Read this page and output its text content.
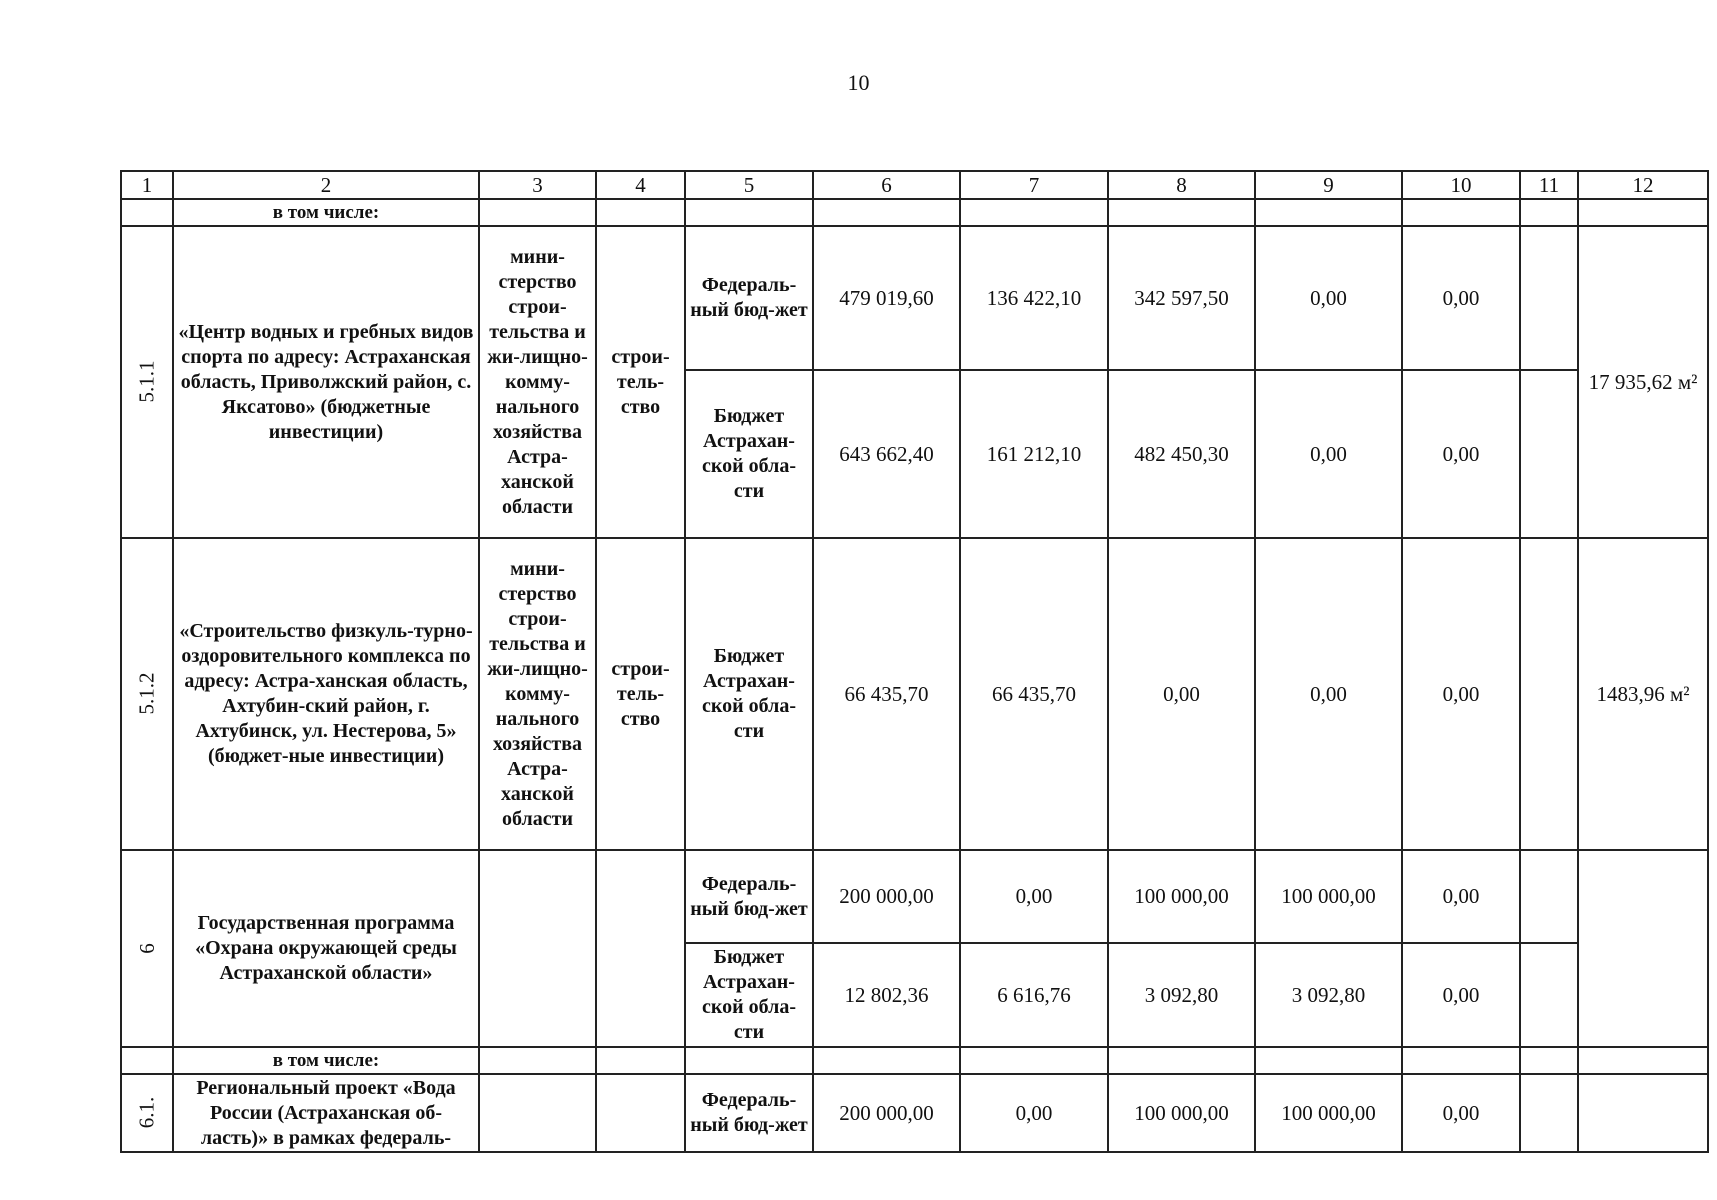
10
1	2	3	4	5	6	7	8	9	10	11	12
	в том числе:										
5.1.1	«Центр водных и гребных видов спорта по адресу: Астраханская область, Приволжский район, с. Яксатово» (бюджетные инвестиции)	мини-стерство строи-тельства и жи-лищно-комму-нального хозяйства Астра-ханской области	строи-тель-ство	Федераль-ный бюд-жет	479 019,60	136 422,10	342 597,50	0,00	0,00		17 935,62 м²
				Бюджет Астрахан-ской обла-сти	643 662,40	161 212,10	482 450,30	0,00	0,00		
5.1.2	«Строительство физкуль-турно-оздоровительного комплекса по адресу: Астра-ханская область, Ахтубин-ский район, г. Ахтубинск, ул. Нестерова, 5» (бюджет-ные инвестиции)	мини-стерство строи-тельства и жи-лищно-комму-нального хозяйства Астра-ханской области	строи-тель-ство	Бюджет Астрахан-ской обла-сти	66 435,70	66 435,70	0,00	0,00	0,00		1483,96 м²
6	Государственная программа «Охрана окружающей среды Астраханской области»			Федераль-ный бюд-жет	200 000,00	0,00	100 000,00	100 000,00	0,00		
				Бюджет Астрахан-ской обла-сти	12 802,36	6 616,76	3 092,80	3 092,80	0,00		
	в том числе:										
6.1.	Региональный проект «Вода России (Астраханская об-ласть)» в рамках федераль-			Федераль-ный бюд-жет	200 000,00	0,00	100 000,00	100 000,00	0,00		
